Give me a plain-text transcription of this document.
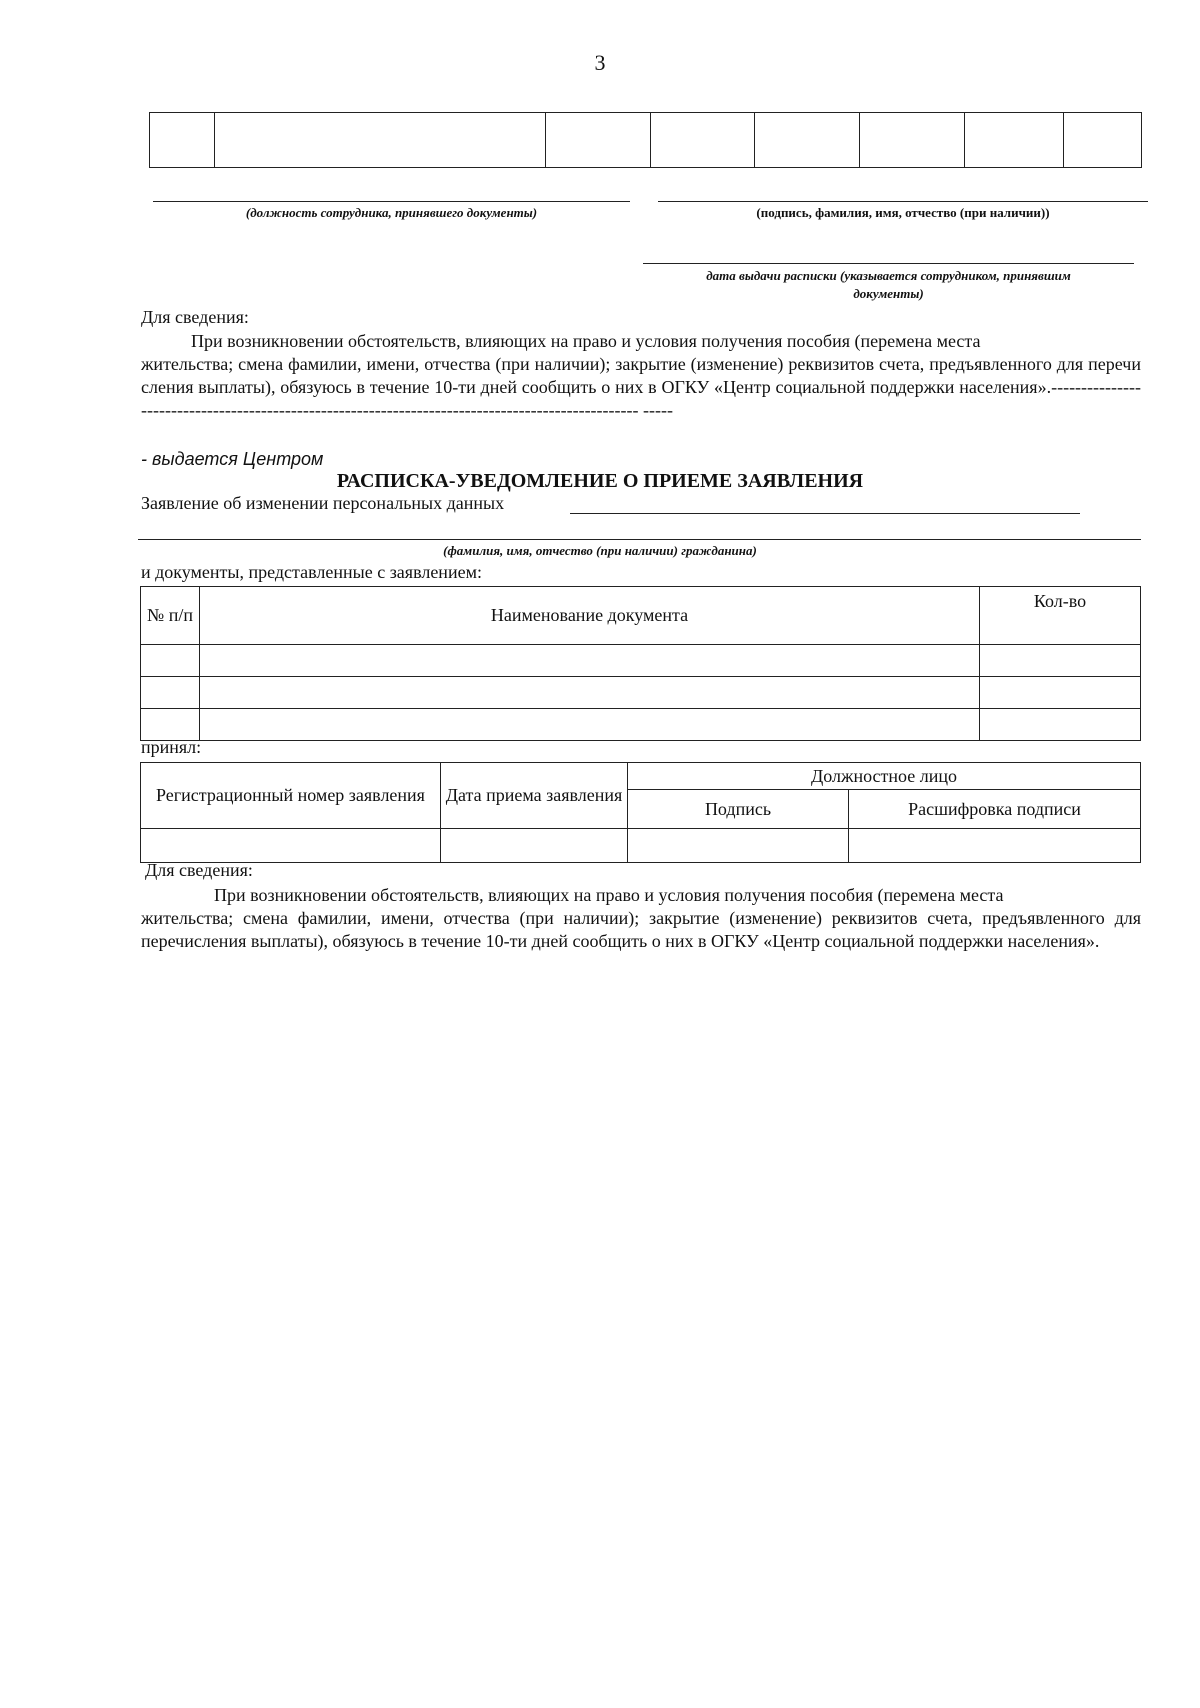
3

(должность сотрудника, принявшего документы)	(подпись, фамилия, имя, отчество (при наличии))
дата выдачи расписки (указывается сотрудником, принявшим
документы)
Для сведения:
При возникновении обстоятельств, влияющих на право и условия получения пособия (перемена места
жительства; смена фамилии, имени, отчества (при наличии); закрытие (изменение) реквизитов счета, предъявленного для перечисления выплаты), обязуюсь в течение 10-ти дней сообщить о них в ОГКУ «Центр социальной поддержки населения».-------------------------------------------------------------------------------------------------- -----
- выдается Центром
РАСПИСКА-УВЕДОМЛЕНИЕ О ПРИЕМЕ ЗАЯВЛЕНИЯ
Заявление об изменении персональных данных
(фамилия, имя, отчество (при наличии) гражданина)
и документы, представленные с заявлением:
№ п/п	Наименование документа	Кол-во

принял:
Регистрационный номер заявления	Дата приема заявления	Должностное лицо	
		Подпись	Расшифровка подписи

Для сведения:
При возникновении обстоятельств, влияющих на право и условия получения пособия (перемена места
жительства; смена фамилии, имени, отчества (при наличии); закрытие (изменение) реквизитов счета, предъявленного для перечисления выплаты), обязуюсь в течение 10-ти дней сообщить о них в ОГКУ «Центр социальной поддержки населения».
